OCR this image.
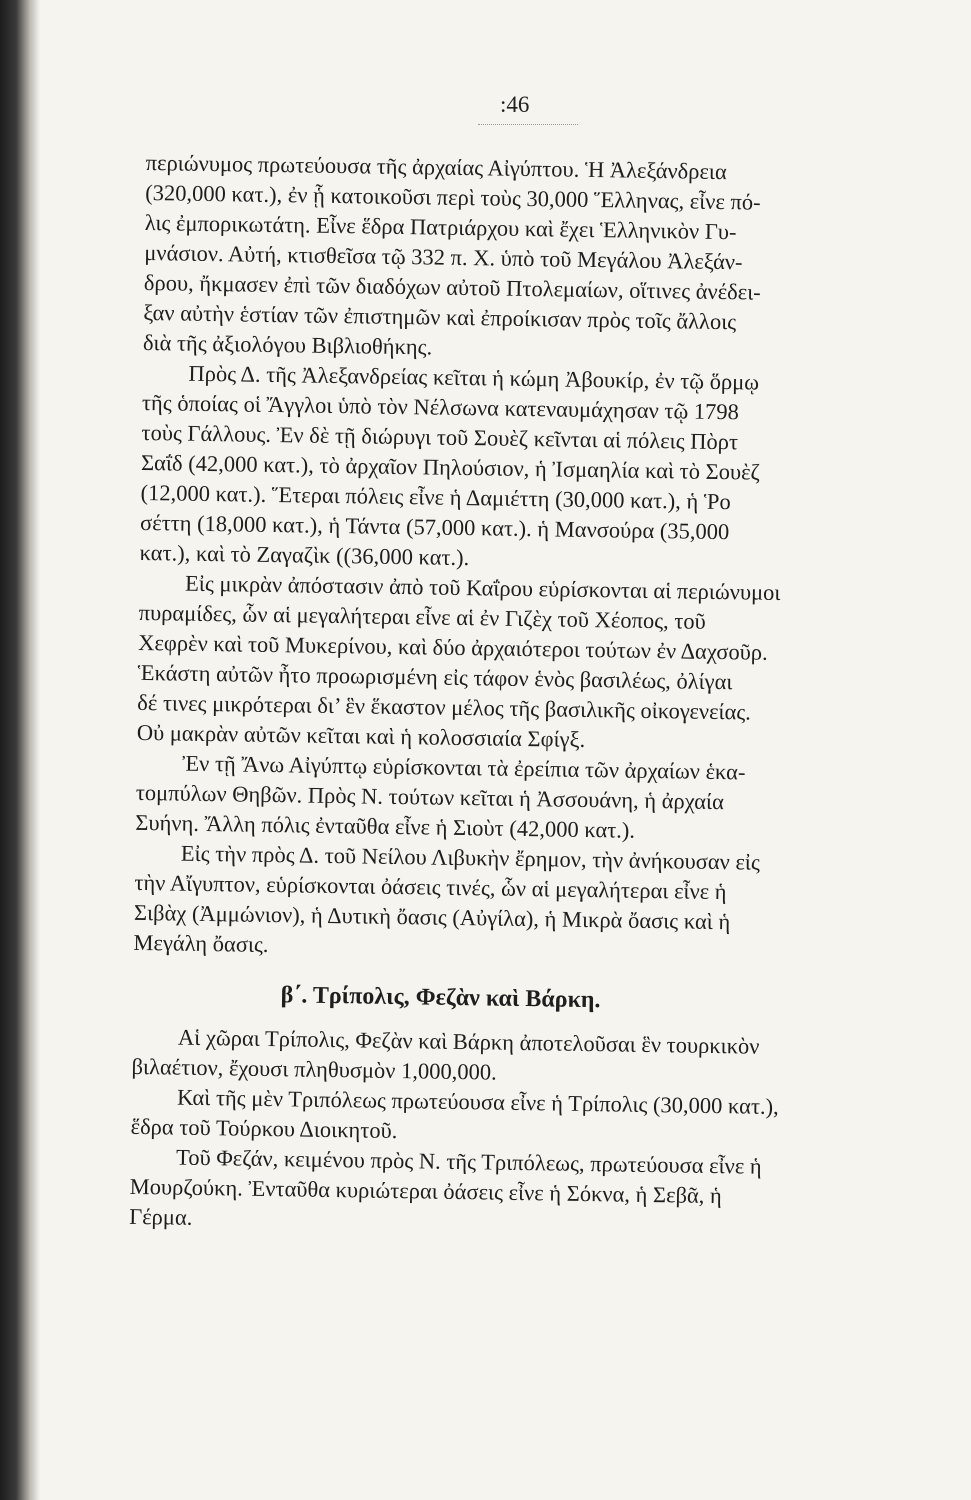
:46
περιώνυμος πρωτεύουσα τῆς ἀρχαίας Αἰγύπτου. Ἡ Ἀλεξάνδρεια
(320,000 κατ.), ἐν ᾗ κατοικοῦσι περὶ τοὺς 30,000 Ἕλληνας, εἶνε πό-
λις ἐμπορικωτάτη. Εἶνε ἕδρα Πατριάρχου καὶ ἔχει Ἑλληνικὸν Γυ-
μνάσιον. Αὐτή, κτισθεῖσα τῷ 332 π. Χ. ὑπὸ τοῦ Μεγάλου Ἀλεξάν-
δρου, ἤκμασεν ἐπὶ τῶν διαδόχων αὐτοῦ Πτολεμαίων, οἵτινες ἀνέδει-
ξαν αὐτὴν ἑστίαν τῶν ἐπιστημῶν καὶ ἐπροίκισαν πρὸς τοῖς ἄλλοις
διὰ τῆς ἀξιολόγου Βιβλιοθήκης.
Πρὸς Δ. τῆς Ἀλεξανδρείας κεῖται ἡ κώμη Ἀβουκίρ, ἐν τῷ ὅρμῳ
τῆς ὁποίας οἱ Ἄγγλοι ὑπὸ τὸν Νέλσωνα κατεναυμάχησαν τῷ 1798
τοὺς Γάλλους. Ἐν δὲ τῇ διώρυγι τοῦ Σουὲζ κεῖνται αἱ πόλεις Πὸρτ
Σαΐδ (42,000 κατ.), τὸ ἀρχαῖον Πηλούσιον, ἡ Ἰσμαηλία καὶ τὸ Σουὲζ
(12,000 κατ.). Ἕτεραι πόλεις εἶνε ἡ Δαμιέττη (30,000 κατ.), ἡ Ῥο
σέττη (18,000 κατ.), ἡ Τάντα (57,000 κατ.). ἡ Μανσούρα (35,000
κατ.), καὶ τὸ Ζαγαζὶκ ((36,000 κατ.).
Εἰς μικρὰν ἀπόστασιν ἀπὸ τοῦ Καΐρου εὑρίσκονται αἱ περιώνυμοι
πυραμίδες, ὧν αἱ μεγαλήτεραι εἶνε αἱ ἐν Γιζὲχ τοῦ Χέοπος, τοῦ
Χεφρὲν καὶ τοῦ Μυκερίνου, καὶ δύο ἀρχαιότεροι τούτων ἐν Δαχσοῦρ.
Ἑκάστη αὐτῶν ἦτο προωρισμένη εἰς τάφον ἑνὸς βασιλέως, ὀλίγαι
δέ τινες μικρότεραι δι’ ἓν ἕκαστον μέλος τῆς βασιλικῆς οἰκογενείας.
Οὐ μακρὰν αὐτῶν κεῖται καὶ ἡ κολοσσιαία Σφίγξ.
Ἐν τῇ Ἄνω Αἰγύπτῳ εὑρίσκονται τὰ ἐρείπια τῶν ἀρχαίων ἑκα-
τομπύλων Θηβῶν. Πρὸς Ν. τούτων κεῖται ἡ Ἀσσουάνη, ἡ ἀρχαία
Συήνη. Ἄλλη πόλις ἐνταῦθα εἶνε ἡ Σιοὺτ (42,000 κατ.).
Εἰς τὴν πρὸς Δ. τοῦ Νείλου Λιβυκὴν ἔρημον, τὴν ἀνήκουσαν εἰς
τὴν Αἴγυπτον, εὑρίσκονται ὀάσεις τινές, ὧν αἱ μεγαλήτεραι εἶνε ἡ
Σιβὰχ (Ἀμμώνιον), ἡ Δυτικὴ ὄασις (Αὐγίλα), ἡ Μικρὰ ὄασις καὶ ἡ
Μεγάλη ὄασις.
β΄. Τρίπολις, Φεζὰν καὶ Βάρκη.
Αἱ χῶραι Τρίπολις, Φεζὰν καὶ Βάρκη ἀποτελοῦσαι ἓν τουρκικὸν
βιλαέτιον, ἔχουσι πληθυσμὸν 1,000,000.
Καὶ τῆς μὲν Τριπόλεως πρωτεύουσα εἶνε ἡ Τρίπολις (30,000 κατ.),
ἕδρα τοῦ Τούρκου Διοικητοῦ.
Τοῦ Φεζάν, κειμένου πρὸς Ν. τῆς Τριπόλεως, πρωτεύουσα εἶνε ἡ
Μουρζούκη. Ἐνταῦθα κυριώτεραι ὀάσεις εἶνε ἡ Σόκνα, ἡ Σεβᾶ, ἡ
Γέρμα.
